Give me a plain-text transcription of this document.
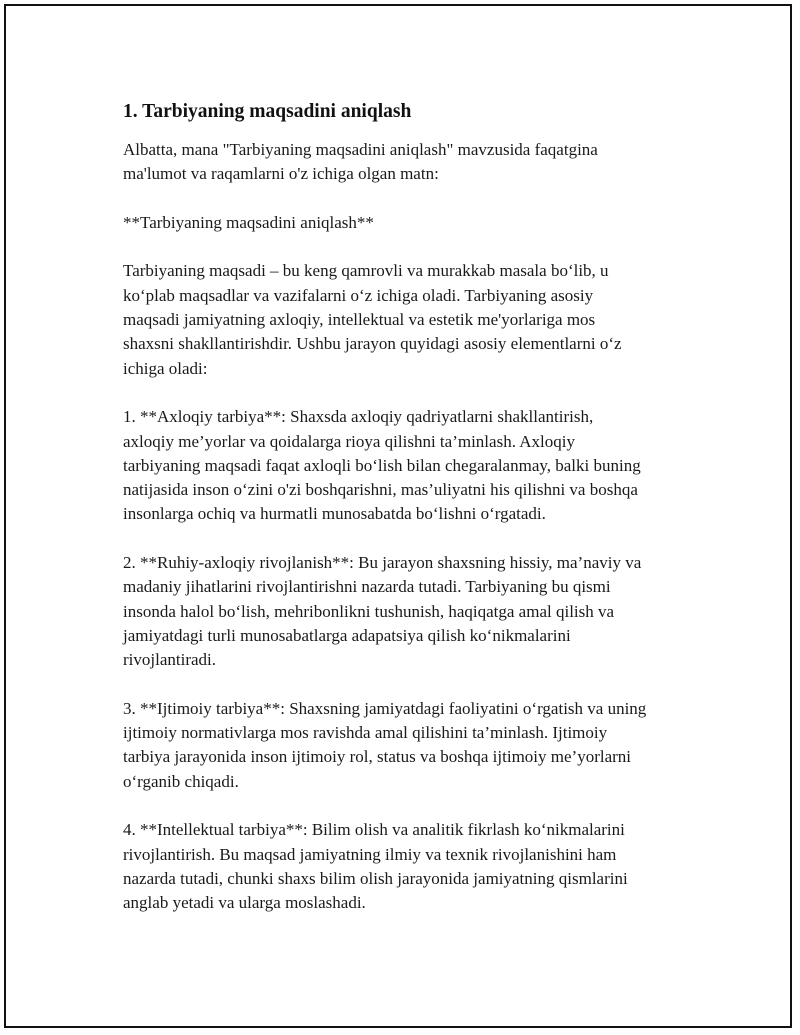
1. Tarbiyaning maqsadini aniqlash

Albatta, mana "Tarbiyaning maqsadini aniqlash" mavzusida faqatgina
ma'lumot va raqamlarni o'z ichiga olgan matn:

**Tarbiyaning maqsadini aniqlash**

Tarbiyaning maqsadi – bu keng qamrovli va murakkab masala bo‘lib, u
ko‘plab maqsadlar va vazifalarni o‘z ichiga oladi. Tarbiyaning asosiy
maqsadi jamiyatning axloqiy, intellektual va estetik me'yorlariga mos
shaxsni shakllantirishdir. Ushbu jarayon quyidagi asosiy elementlarni o‘z
ichiga oladi:

1. **Axloqiy tarbiya**: Shaxsda axloqiy qadriyatlarni shakllantirish,
axloqiy me’yorlar va qoidalarga rioya qilishni ta’minlash. Axloqiy
tarbiyaning maqsadi faqat axloqli bo‘lish bilan chegaralanmay, balki buning
natijasida inson o‘zini o'zi boshqarishni, mas’uliyatni his qilishni va boshqa
insonlarga ochiq va hurmatli munosabatda bo‘lishni o‘rgatadi.

2. **Ruhiy-axloqiy rivojlanish**: Bu jarayon shaxsning hissiy, ma’naviy va
madaniy jihatlarini rivojlantirishni nazarda tutadi. Tarbiyaning bu qismi
insonda halol bo‘lish, mehribonlikni tushunish, haqiqatga amal qilish va
jamiyatdagi turli munosabatlarga adapatsiya qilish ko‘nikmalarini
rivojlantiradi.

3. **Ijtimoiy tarbiya**: Shaxsning jamiyatdagi faoliyatini o‘rgatish va uning
ijtimoiy normativlarga mos ravishda amal qilishini ta’minlash. Ijtimoiy
tarbiya jarayonida inson ijtimoiy rol, status va boshqa ijtimoiy me’yorlarni
o‘rganib chiqadi.

4. **Intellektual tarbiya**: Bilim olish va analitik fikrlash ko‘nikmalarini
rivojlantirish. Bu maqsad jamiyatning ilmiy va texnik rivojlanishini ham
nazarda tutadi, chunki shaxs bilim olish jarayonida jamiyatning qismlarini
anglab yetadi va ularga moslashadi.
